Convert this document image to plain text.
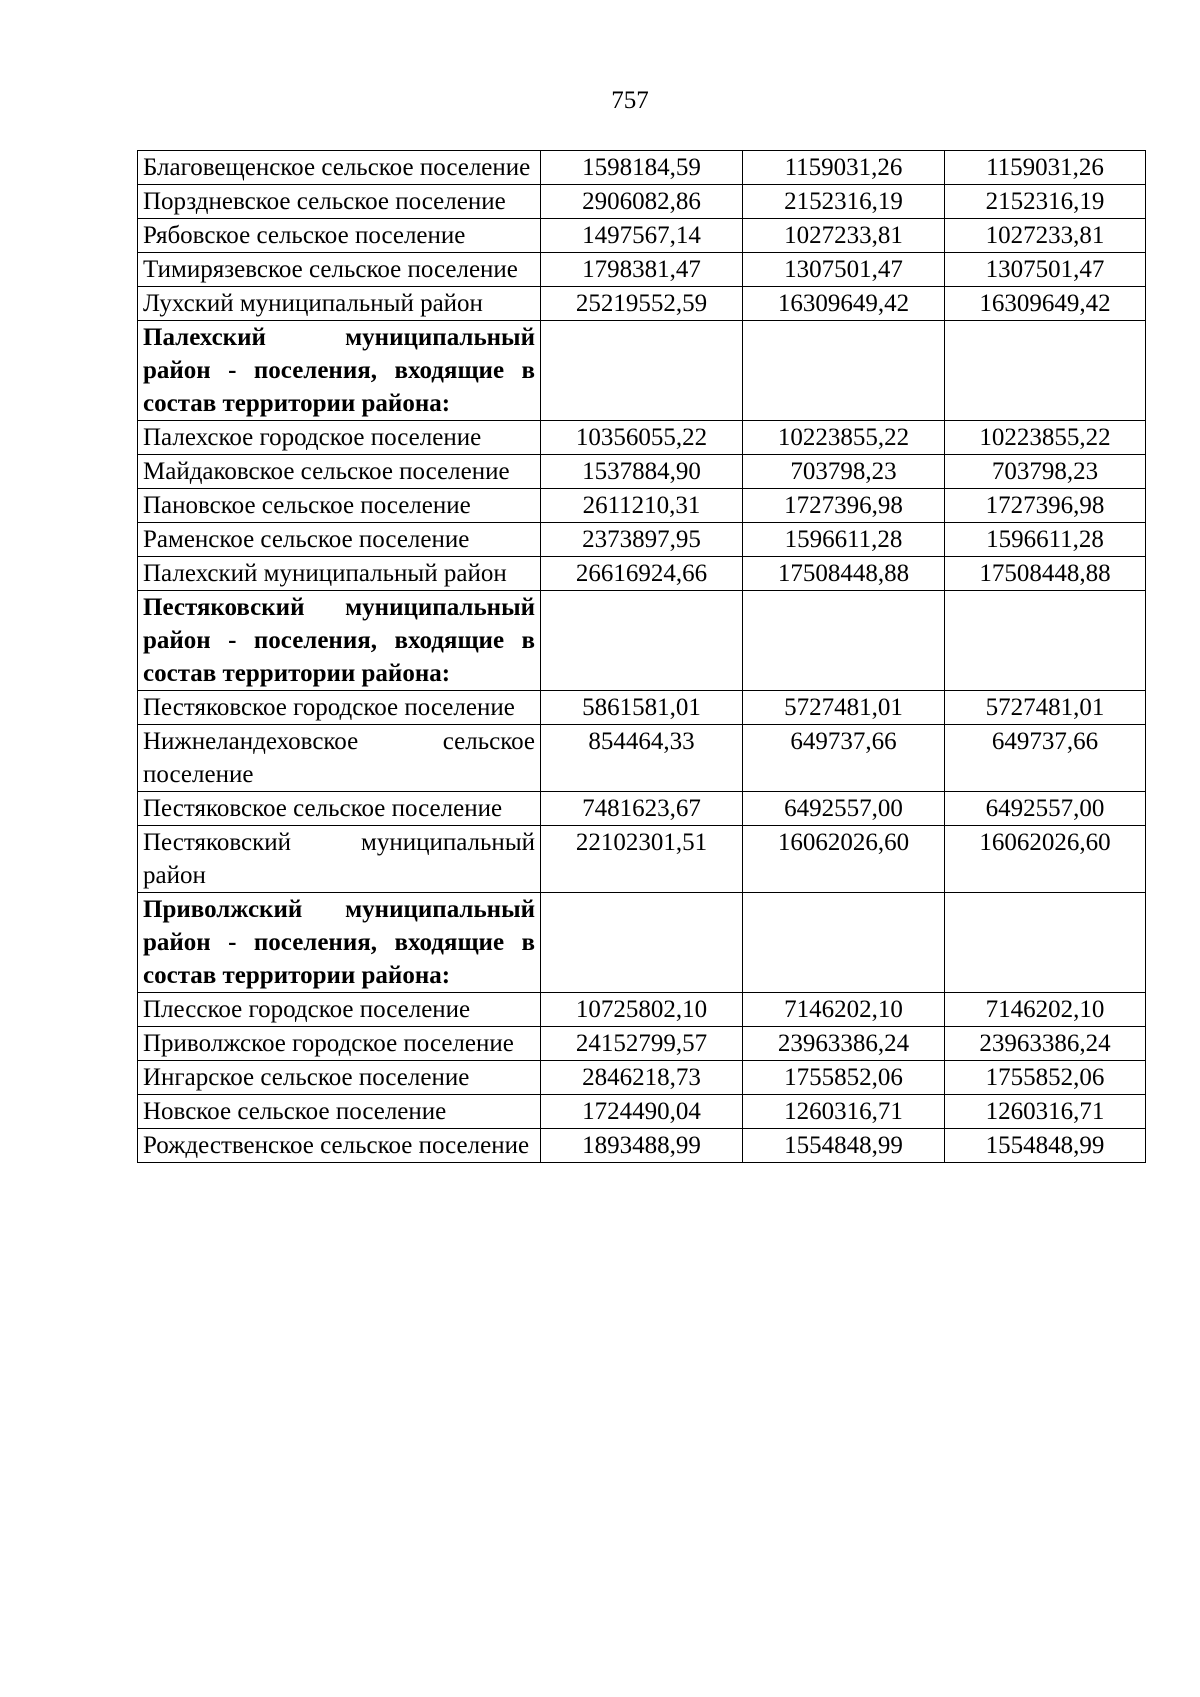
757
Благовещенское сельское поселение	1598184,59	1159031,26	1159031,26
Порздневское сельское поселение	2906082,86	2152316,19	2152316,19
Рябовское сельское поселение	1497567,14	1027233,81	1027233,81
Тимирязевское сельское поселение	1798381,47	1307501,47	1307501,47
Лухский муниципальный район	25219552,59	16309649,42	16309649,42
Палехский муниципальный район - поселения, входящие в состав территории района:			
Палехское городское поселение	10356055,22	10223855,22	10223855,22
Майдаковское сельское поселение	1537884,90	703798,23	703798,23
Пановское сельское поселение	2611210,31	1727396,98	1727396,98
Раменское сельское поселение	2373897,95	1596611,28	1596611,28
Палехский муниципальный район	26616924,66	17508448,88	17508448,88
Пестяковский муниципальный район - поселения, входящие в состав территории района:			
Пестяковское городское поселение	5861581,01	5727481,01	5727481,01
Нижнеландеховское сельское поселение	854464,33	649737,66	649737,66
Пестяковское сельское поселение	7481623,67	6492557,00	6492557,00
Пестяковский муниципальный район	22102301,51	16062026,60	16062026,60
Приволжский муниципальный район - поселения, входящие в состав территории района:			
Плесское городское поселение	10725802,10	7146202,10	7146202,10
Приволжское городское поселение	24152799,57	23963386,24	23963386,24
Ингарское сельское поселение	2846218,73	1755852,06	1755852,06
Новское сельское поселение	1724490,04	1260316,71	1260316,71
Рождественское сельское поселение	1893488,99	1554848,99	1554848,99
